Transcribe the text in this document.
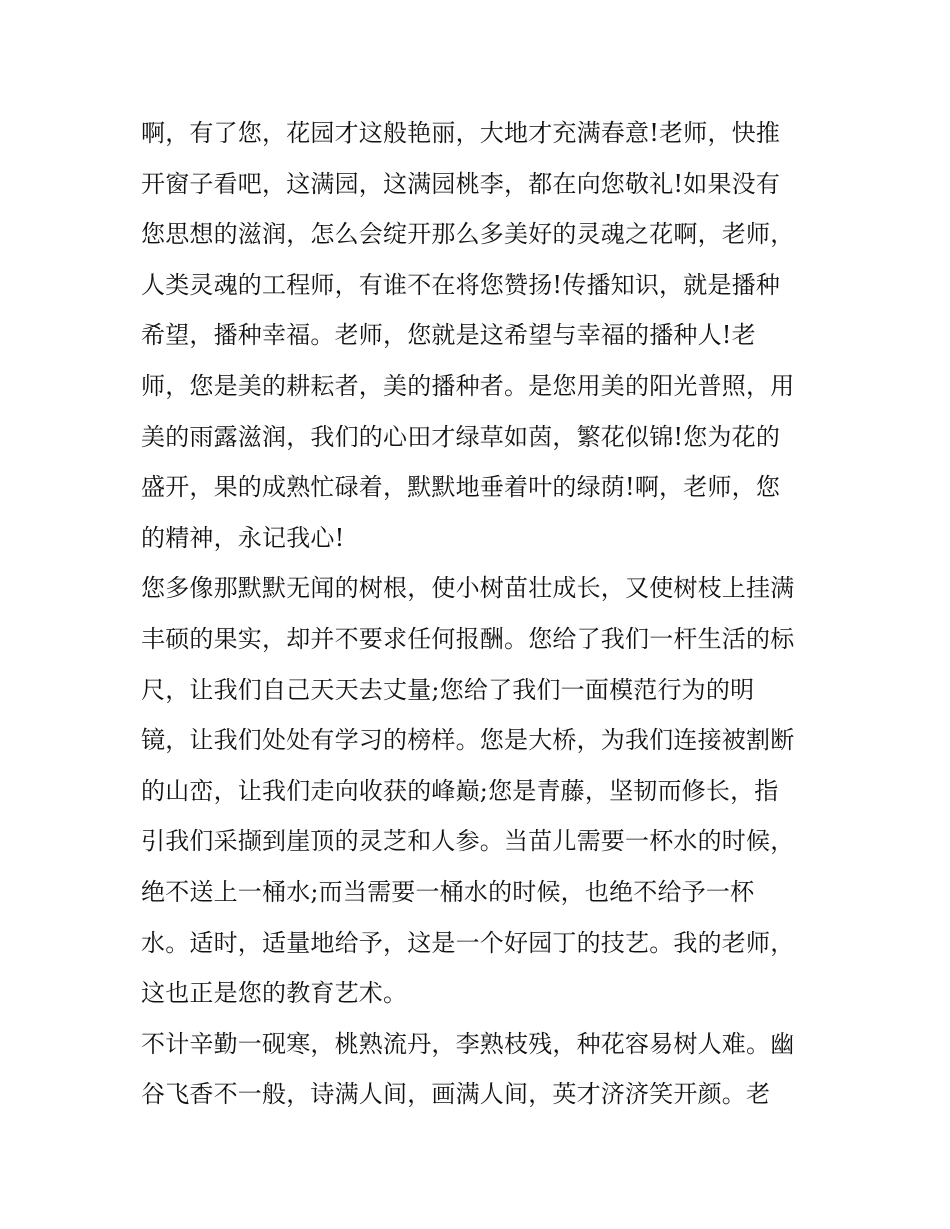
啊，有了您，花园才这般艳丽，大地才充满春意!老师，快推
开窗子看吧，这满园，这满园桃李，都在向您敬礼!如果没有
您思想的滋润，怎么会绽开那么多美好的灵魂之花啊，老师，
人类灵魂的工程师，有谁不在将您赞扬!传播知识，就是播种
希望，播种幸福。老师，您就是这希望与幸福的播种人!老
师，您是美的耕耘者，美的播种者。是您用美的阳光普照，用
美的雨露滋润，我们的心田才绿草如茵，繁花似锦!您为花的
盛开，果的成熟忙碌着，默默地垂着叶的绿荫!啊，老师，您
的精神，永记我心!
您多像那默默无闻的树根，使小树苗壮成长，又使树枝上挂满
丰硕的果实，却并不要求任何报酬。您给了我们一杆生活的标
尺，让我们自己天天去丈量;您给了我们一面模范行为的明
镜，让我们处处有学习的榜样。您是大桥，为我们连接被割断
的山峦，让我们走向收获的峰巅;您是青藤，坚韧而修长，指
引我们采撷到崖顶的灵芝和人参。当苗儿需要一杯水的时候，
绝不送上一桶水;而当需要一桶水的时候，也绝不给予一杯
水。适时，适量地给予，这是一个好园丁的技艺。我的老师，
这也正是您的教育艺术。
不计辛勤一砚寒，桃熟流丹，李熟枝残，种花容易树人难。幽
谷飞香不一般，诗满人间，画满人间，英才济济笑开颜。老
